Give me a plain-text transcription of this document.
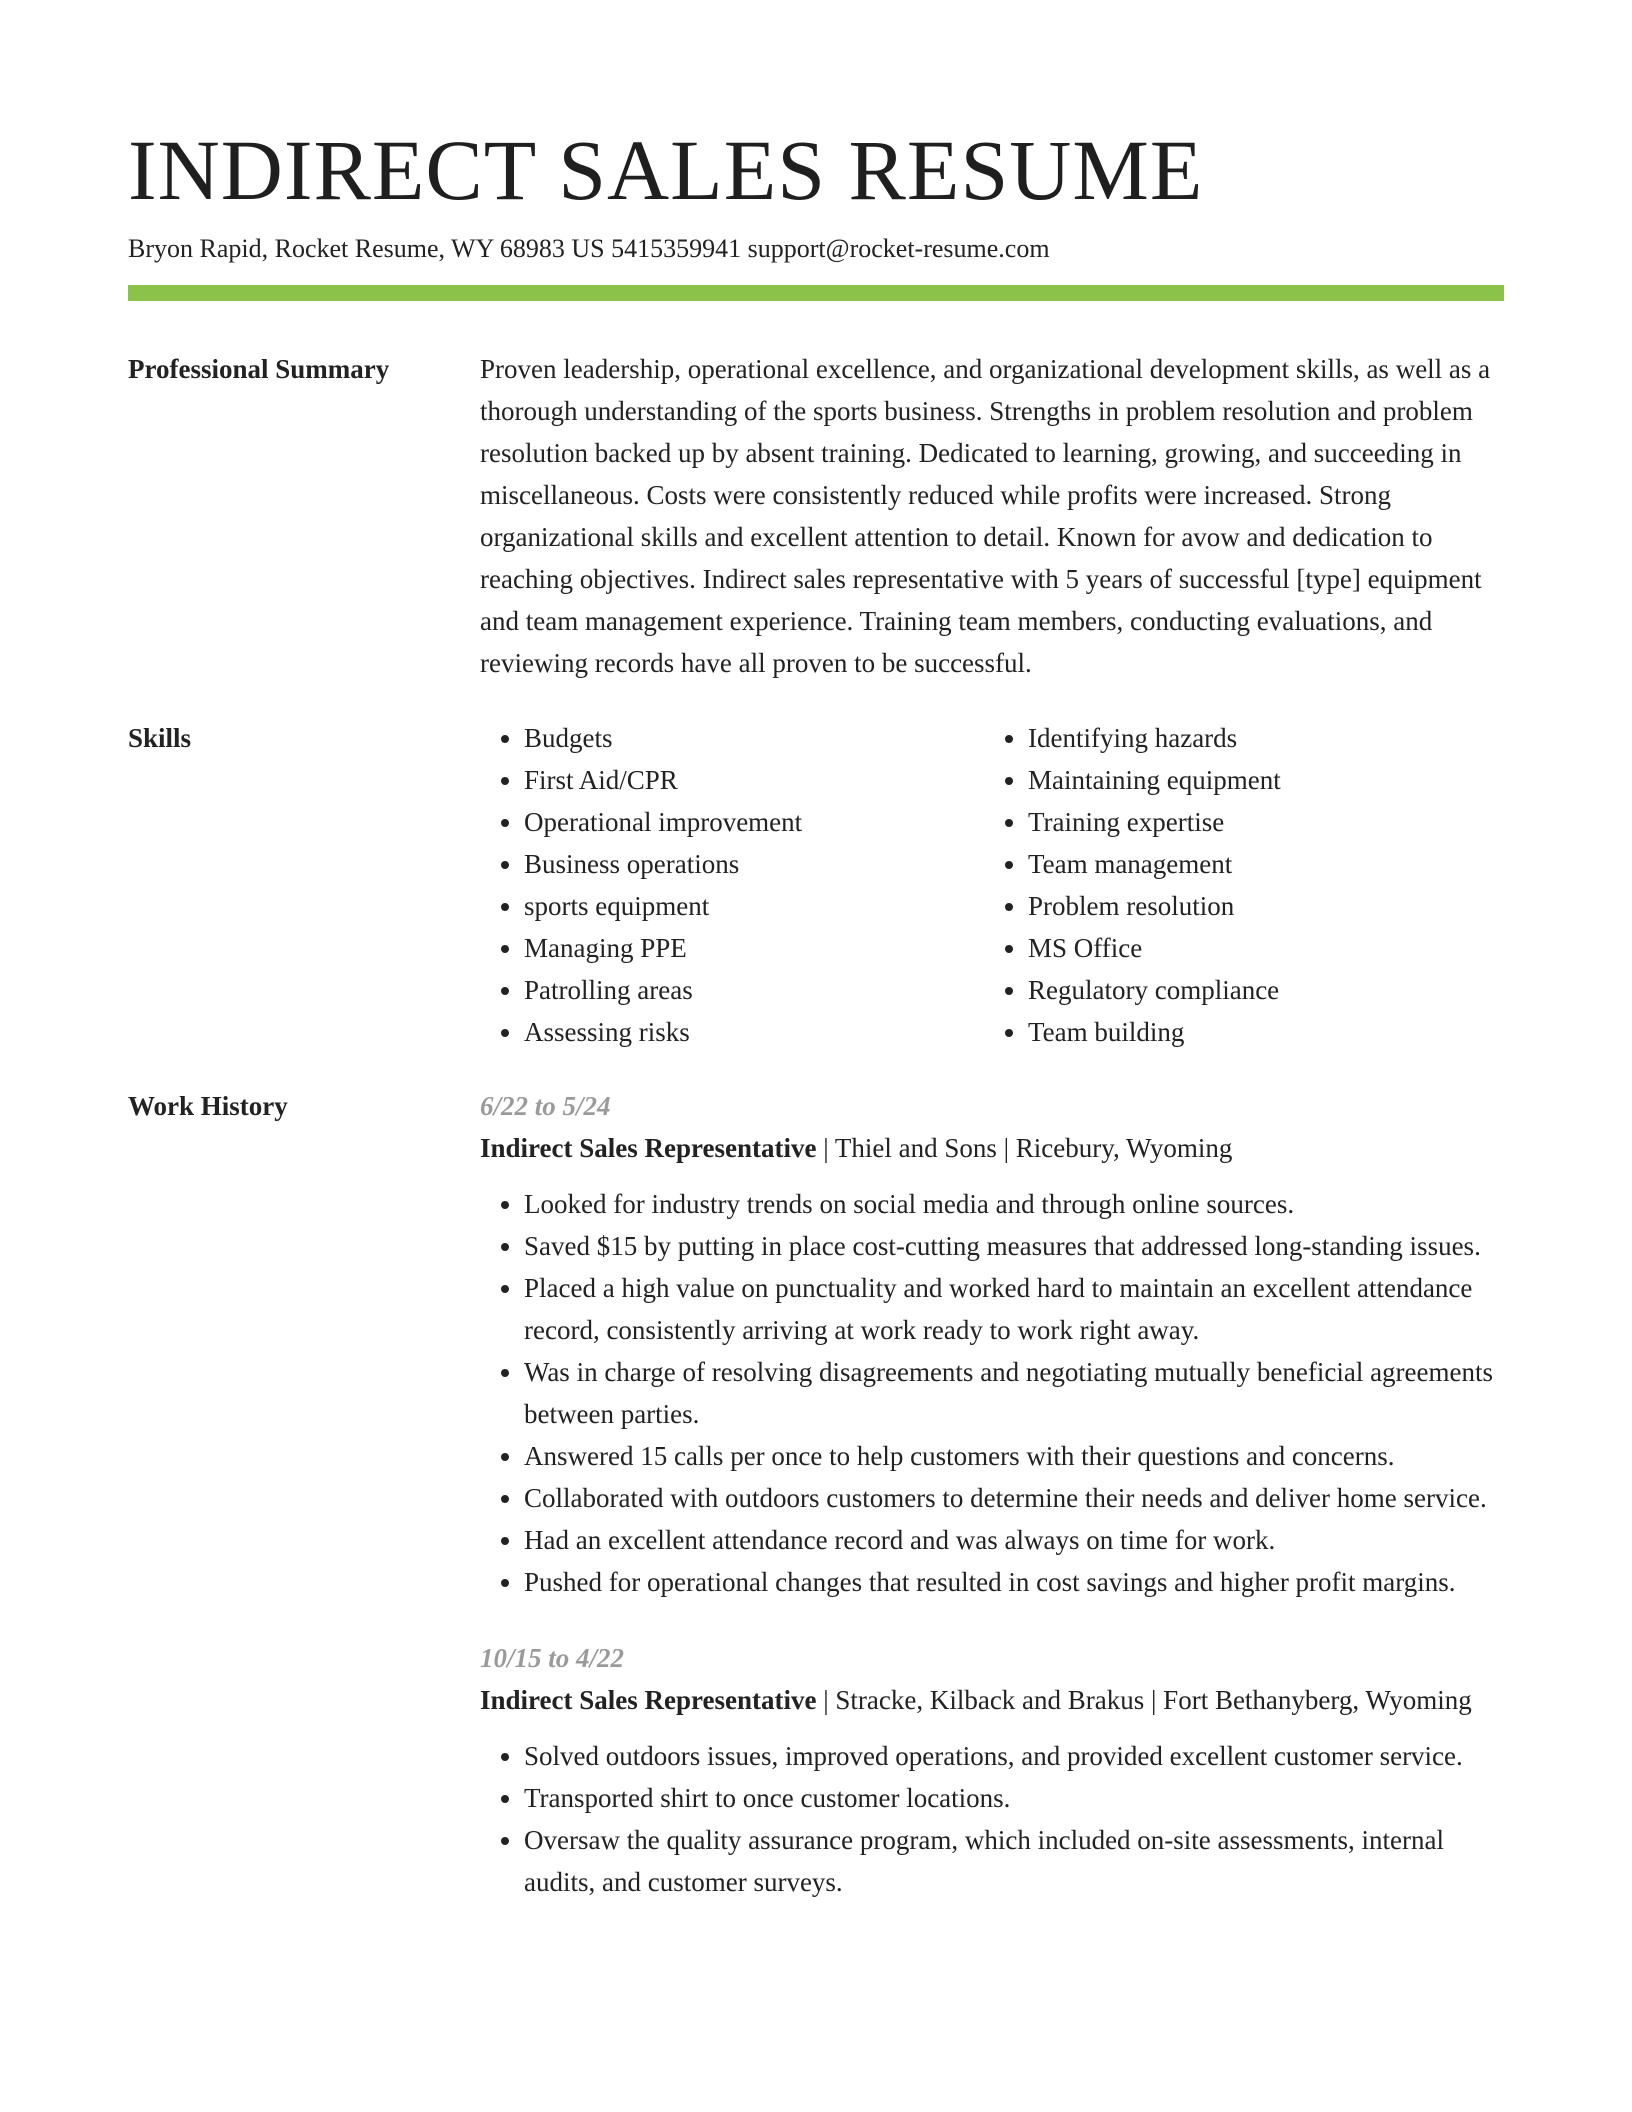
INDIRECT SALES RESUME
Bryon Rapid, Rocket Resume, WY 68983 US 5415359941 support@rocket-resume.com
Professional Summary	Proven leadership, operational excellence, and organizational development skills, as well as a thorough understanding of the sports business. Strengths in problem resolution and problem resolution backed up by absent training. Dedicated to learning, growing, and succeeding in miscellaneous. Costs were consistently reduced while profits were increased. Strong organizational skills and excellent attention to detail. Known for avow and dedication to reaching objectives. Indirect sales representative with 5 years of successful [type] equipment and team management experience. Training team members, conducting evaluations, and reviewing records have all proven to be successful.

Skills
•	Budgets
• First Aid/CPR
• Operational improvement
• Business operations
• sports equipment
• Managing PPE
• Patrolling areas
• Assessing risks
• Identifying hazards
• Maintaining equipment
• Training expertise
• Team management
• Problem resolution
• MS Office
• Regulatory compliance
• Team building
Work History	6/22 to 5/24
Indirect Sales Representative | Thiel and Sons | Ricebury, Wyoming
• Looked for industry trends on social media and through online sources.
• Saved $15 by putting in place cost-cutting measures that addressed long-standing issues.
• Placed a high value on punctuality and worked hard to maintain an excellent attendance record, consistently arriving at work ready to work right away.
• Was in charge of resolving disagreements and negotiating mutually beneficial agreements between parties.
• Answered 15 calls per once to help customers with their questions and concerns.
• Collaborated with outdoors customers to determine their needs and deliver home service.
• Had an excellent attendance record and was always on time for work.
• Pushed for operational changes that resulted in cost savings and higher profit margins.
10/15 to 4/22
Indirect Sales Representative | Stracke, Kilback and Brakus | Fort Bethanyberg, Wyoming
• Solved outdoors issues, improved operations, and provided excellent customer service.
• Transported shirt to once customer locations.
• Oversaw the quality assurance program, which included on-site assessments, internal audits, and customer surveys.
